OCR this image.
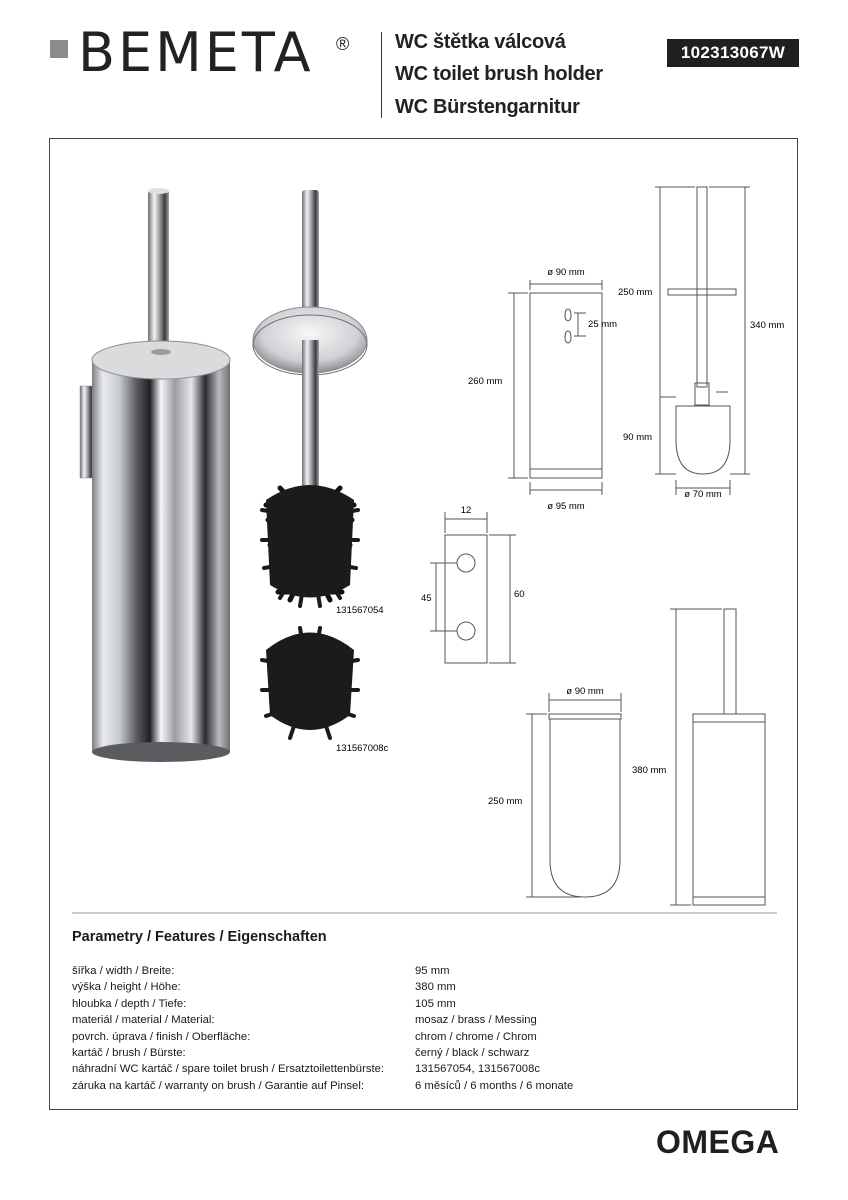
BEMETA ® WC štětka válcová
WC toilet brush holder
WC Bürstengarnitur
102313067W
ø 90 mm
ø 95 mm
260 mm
25 mm
250 mm
340 mm
90 mm
ø 70 mm
12
60
45
ø 90 mm
250 mm
380 mm
131567054
131567008c
Parametry / Features / Eigenschaften
šířka / width / Breite:	95 mm
výška / height / Höhe:	380 mm
hloubka / depth / Tiefe:	105 mm
materiál / material / Material:	mosaz / brass / Messing
povrch. úprava / finish / Oberfläche:	chrom / chrome / Chrom
kartáč / brush / Bürste:	černý / black / schwarz
náhradní WC kartáč / spare toilet brush / Ersatztoilettenbürste:	131567054, 131567008c
záruka na kartáč / warranty on brush / Garantie auf Pinsel:	6 měsíců / 6 months / 6 monate
OMEGA
